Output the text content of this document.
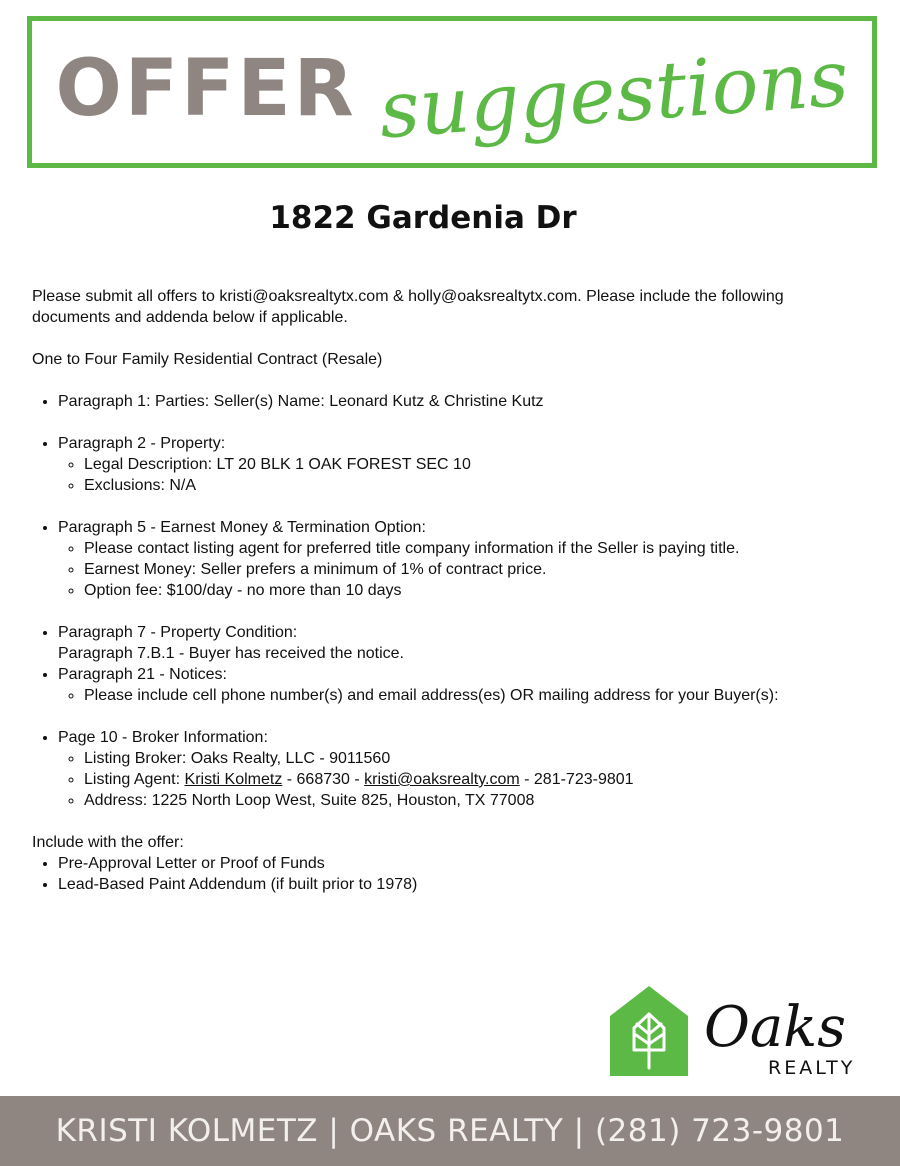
OFFER suggestions
1822 Gardenia Dr

Please submit all offers to kristi@oaksrealtytx.com & holly@oaksrealtytx.com. Please include the following documents and addenda below if applicable.

One to Four Family Residential Contract (Resale)

• Paragraph 1: Parties: Seller(s) Name: Leonard Kutz & Christine Kutz
• Paragraph 2 - Property:
◦ Legal Description: LT 20 BLK 1 OAK FOREST SEC 10
◦ Exclusions: N/A
• Paragraph 5 - Earnest Money & Termination Option:
◦ Please contact listing agent for preferred title company information if the Seller is paying title.
◦ Earnest Money: Seller prefers a minimum of 1% of contract price.
◦ Option fee: $100/day - no more than 10 days
• Paragraph 7 - Property Condition:
Paragraph 7.B.1 - Buyer has received the notice.
• Paragraph 21 - Notices:
◦ Please include cell phone number(s) and email address(es) OR mailing address for your Buyer(s):
• Page 10 - Broker Information:
◦ Listing Broker: Oaks Realty, LLC - 9011560
◦ Listing Agent: Kristi Kolmetz - 668730 - kristi@oaksrealty.com - 281-723-9801
◦ Address: 1225 North Loop West, Suite 825, Houston, TX 77008

Include with the offer:

• Pre-Approval Letter or Proof of Funds
• Lead-Based Paint Addendum (if built prior to 1978)
Oaks
REALTY
KRISTI KOLMETZ | OAKS REALTY | (281) 723-9801
